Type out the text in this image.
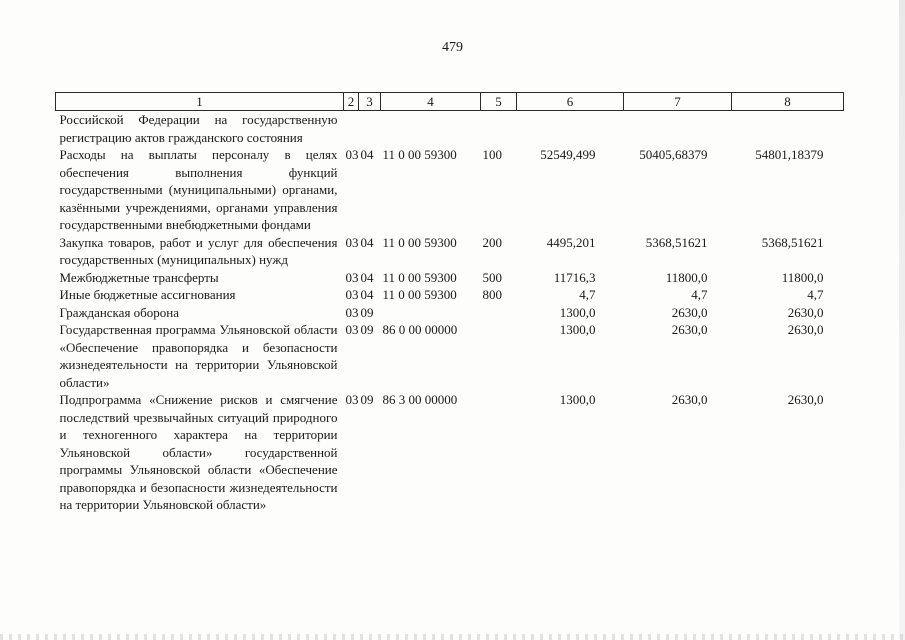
479
1	2	3	4	5	6	7	8
Российской Федерации на государственную регистрацию актов гражданского состояния							
Расходы на выплаты персоналу в целях обеспечения выполнения функций государственными (муниципальными) органами, казёнными учреждениями, органами управления государственными внебюджетными фондами	03	04	11 0 00 59300	100	52549,499	50405,68379	54801,18379
Закупка товаров, работ и услуг для обеспечения государственных (муниципальных) нужд	03	04	11 0 00 59300	200	4495,201	5368,51621	5368,51621
Межбюджетные трансферты	03	04	11 0 00 59300	500	11716,3	11800,0	11800,0
Иные бюджетные ассигнования	03	04	11 0 00 59300	800	4,7	4,7	4,7
Гражданская оборона	03	09			1300,0	2630,0	2630,0
Государственная программа Ульяновской области «Обеспечение правопорядка и безопасности жизнедеятельности на территории Ульяновской области»	03	09	86 0 00 00000		1300,0	2630,0	2630,0
Подпрограмма «Снижение рисков и смягчение последствий чрезвычайных ситуаций природного и техногенного характера на территории Ульяновской области» государственной программы Ульяновской области «Обеспечение правопорядка и безопасности жизнедеятельности на территории Ульяновской области»	03	09	86 3 00 00000		1300,0	2630,0	2630,0
